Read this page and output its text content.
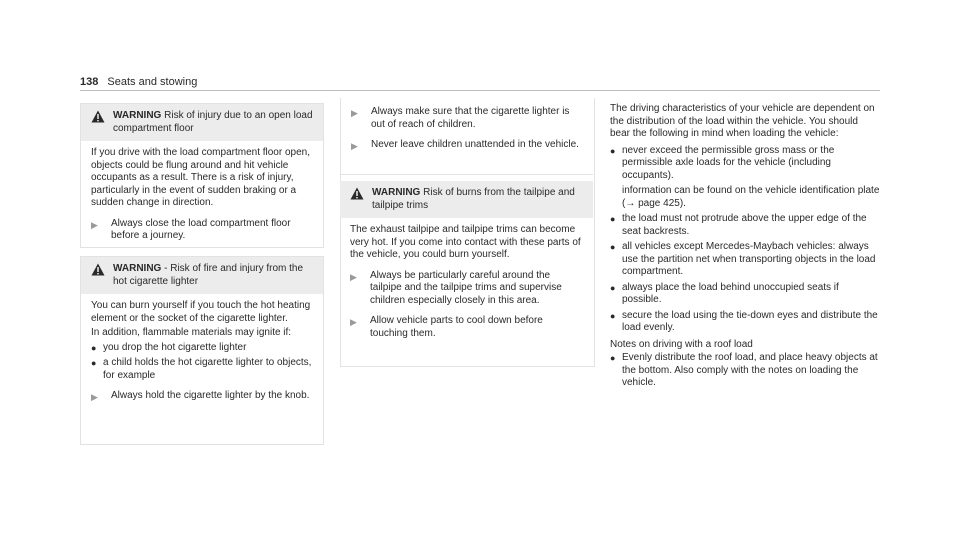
138 Seats and stowing
WARNING Risk of injury due to an open load compartment floor
If you drive with the load compartment floor open, objects could be flung around and hit vehicle occupants as a result. There is a risk of injury, particularly in the event of sudden braking or a sudden change in direction.
▶	Always close the load compartment floor before a journey.
WARNING - Risk of fire and injury from the hot cigarette lighter
You can burn yourself if you touch the hot heating element or the socket of the cigarette lighter.
In addition, flammable materials may ignite if:
● you drop the hot cigarette lighter
● a child holds the hot cigarette lighter to objects, for example
▶	Always hold the cigarette lighter by the knob.
▶	Always make sure that the cigarette lighter is out of reach of children.
▶	Never leave children unattended in the vehicle.
WARNING Risk of burns from the tailpipe and tailpipe trims
The exhaust tailpipe and tailpipe trims can become very hot. If you come into contact with these parts of the vehicle, you could burn yourself.
▶	Always be particularly careful around the tailpipe and the tailpipe trims and supervise children especially closely in this area.
▶	Allow vehicle parts to cool down before touching them.
The driving characteristics of your vehicle are dependent on the distribution of the load within the vehicle. You should bear the following in mind when loading the vehicle:
● never exceed the permissible gross mass or the permissible axle loads for the vehicle (including occupants).
information can be found on the vehicle identification plate (→ page 425).
● the load must not protrude above the upper edge of the seat backrests.
● all vehicles except Mercedes-Maybach vehicles: always use the partition net when transporting objects in the load compartment.
● always place the load behind unoccupied seats if possible.
● secure the load using the tie-down eyes and distribute the load evenly.
Notes on driving with a roof load
● Evenly distribute the roof load, and place heavy objects at the bottom. Also comply with the notes on loading the vehicle.
